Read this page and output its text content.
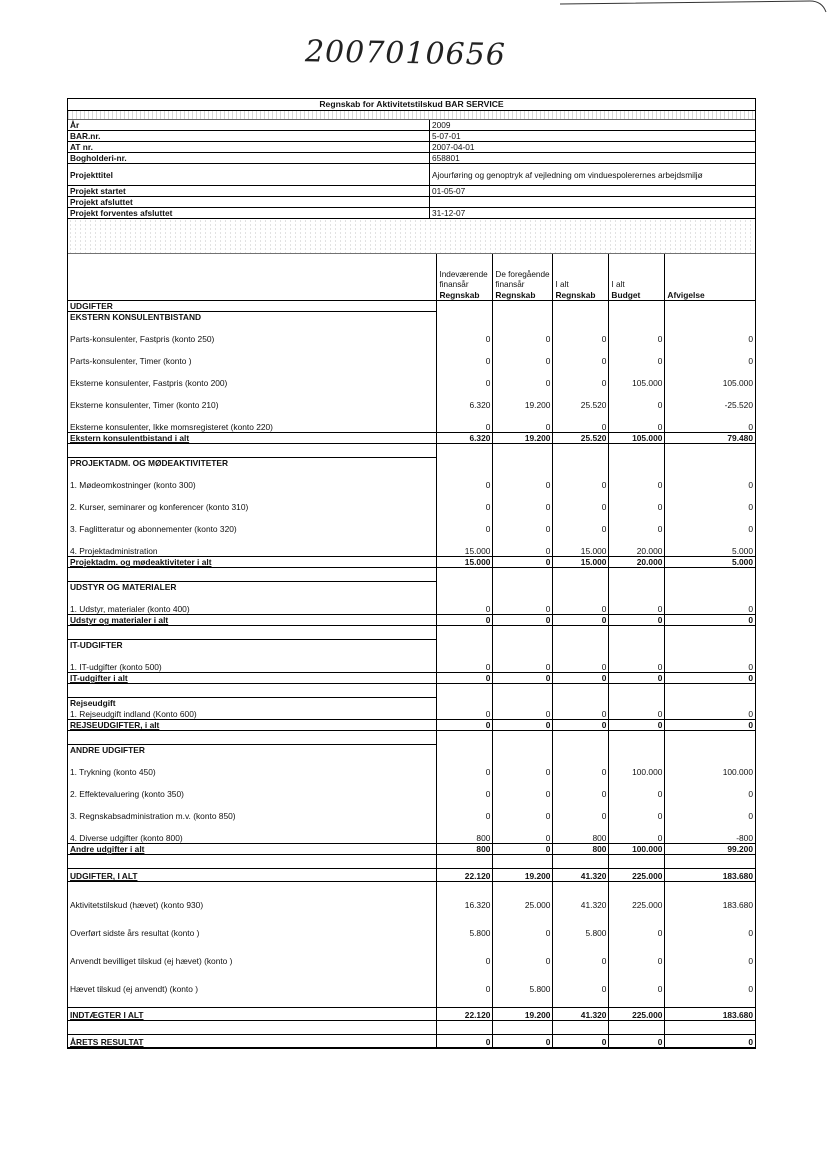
2007010656
Regnskab for Aktivitetstilskud BAR SERVICE
År	2009
BAR.nr.	5-07-01
AT nr.	2007-04-01
Bogholderi-nr.	658801
Projekttitel	Ajourføring og genoptryk af vejledning om vinduespolerernes arbejdsmiljø
Projekt startet	01-05-07
Projekt afsluttet
Projekt forventes afsluttet	31-12-07
	Indeværende finansår	De foregående finansår	I alt	I alt	
	Regnskab	Regnskab	Regnskab	Budget	Afvigelse
UDGIFTER					
EKSTERN KONSULENTBISTAND					
Parts-konsulenter, Fastpris (konto 250)	0	0	0	0	0
Parts-konsulenter, Timer (konto )	0	0	0	0	0
Eksterne konsulenter, Fastpris (konto 200)	0	0	0	105.000	105.000
Eksterne konsulenter, Timer (konto 210)	6.320	19.200	25.520	0	-25.520
Eksterne konsulenter, Ikke momsregisteret (konto 220)	0	0	0	0	0
Ekstern konsulentbistand i alt	6.320	19.200	25.520	105.000	79.480

PROJEKTADM. OG MØDEAKTIVITETER					
1. Mødeomkostninger (konto 300)	0	0	0	0	0
2. Kurser, seminarer og konferencer (konto 310)	0	0	0	0	0
3. Faglitteratur og abonnementer (konto 320)	0	0	0	0	0
4. Projektadministration	15.000	0	15.000	20.000	5.000
Projektadm. og mødeaktiviteter i alt	15.000	0	15.000	20.000	5.000

UDSTYR OG MATERIALER					
1. Udstyr, materialer (konto 400)	0	0	0	0	0
Udstyr og materialer i alt	0	0	0	0	0

IT-UDGIFTER					
1. IT-udgifter (konto 500)	0	0	0	0	0
IT-udgifter i alt	0	0	0	0	0

Rejseudgift					
1. Rejseudgift indland (Konto 600)	0	0	0	0	0
REJSEUDGIFTER, i alt	0	0	0	0	0

ANDRE UDGIFTER					
1. Trykning (konto 450)	0	0	0	100.000	100.000
2. Effektevaluering (konto 350)	0	0	0	0	0
3. Regnskabsadministration m.v. (konto 850)	0	0	0	0	0
4. Diverse udgifter (konto 800)	800	0	800	0	-800
Andre udgifter i alt	800	0	800	100.000	99.200

UDGIFTER, I ALT	22.120	19.200	41.320	225.000	183.680
Aktivitetstilskud (hævet) (konto 930)	16.320	25.000	41.320	225.000	183.680
Overført sidste års resultat (konto )	5.800	0	5.800	0	0
Anvendt bevilliget tilskud (ej hævet) (konto )	0	0	0	0	0
Hævet tilskud (ej anvendt) (konto )	0	5.800	0	0	0

INDTÆGTER I ALT	22.120	19.200	41.320	225.000	183.680

ÅRETS RESULTAT	0	0	0	0	0
